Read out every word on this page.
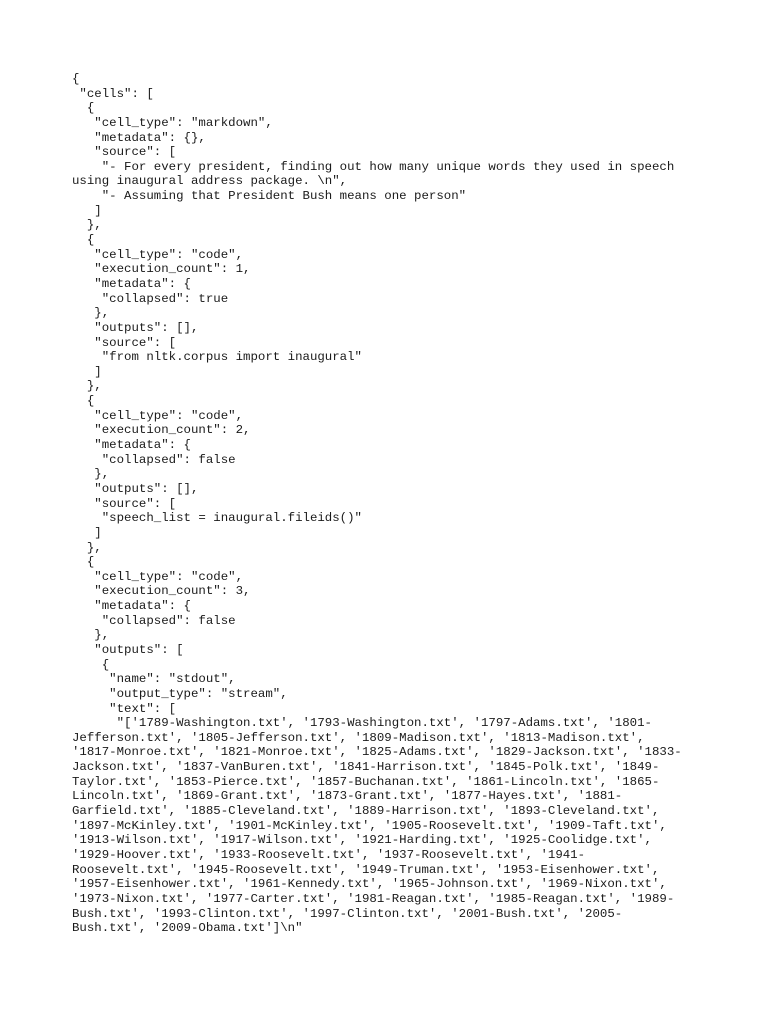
{
"cells": [
{
"cell_type": "markdown",
"metadata": {},
"source": [
"- For every president, finding out how many unique words they used in speech
using inaugural address package. \n",
"- Assuming that President Bush means one person"
]
},
{
"cell_type": "code",
"execution_count": 1,
"metadata": {
"collapsed": true
},
"outputs": [],
"source": [
"from nltk.corpus import inaugural"
]
},
{
"cell_type": "code",
"execution_count": 2,
"metadata": {
"collapsed": false
},
"outputs": [],
"source": [
"speech_list = inaugural.fileids()"
]
},
{
"cell_type": "code",
"execution_count": 3,
"metadata": {
"collapsed": false
},
"outputs": [
{
"name": "stdout",
"output_type": "stream",
"text": [
"['1789-Washington.txt', '1793-Washington.txt', '1797-Adams.txt', '1801-
Jefferson.txt', '1805-Jefferson.txt', '1809-Madison.txt', '1813-Madison.txt',
'1817-Monroe.txt', '1821-Monroe.txt', '1825-Adams.txt', '1829-Jackson.txt', '1833-
Jackson.txt', '1837-VanBuren.txt', '1841-Harrison.txt', '1845-Polk.txt', '1849-
Taylor.txt', '1853-Pierce.txt', '1857-Buchanan.txt', '1861-Lincoln.txt', '1865-
Lincoln.txt', '1869-Grant.txt', '1873-Grant.txt', '1877-Hayes.txt', '1881-
Garfield.txt', '1885-Cleveland.txt', '1889-Harrison.txt', '1893-Cleveland.txt',
'1897-McKinley.txt', '1901-McKinley.txt', '1905-Roosevelt.txt', '1909-Taft.txt',
'1913-Wilson.txt', '1917-Wilson.txt', '1921-Harding.txt', '1925-Coolidge.txt',
'1929-Hoover.txt', '1933-Roosevelt.txt', '1937-Roosevelt.txt', '1941-
Roosevelt.txt', '1945-Roosevelt.txt', '1949-Truman.txt', '1953-Eisenhower.txt',
'1957-Eisenhower.txt', '1961-Kennedy.txt', '1965-Johnson.txt', '1969-Nixon.txt',
'1973-Nixon.txt', '1977-Carter.txt', '1981-Reagan.txt', '1985-Reagan.txt', '1989-
Bush.txt', '1993-Clinton.txt', '1997-Clinton.txt', '2001-Bush.txt', '2005-
Bush.txt', '2009-Obama.txt']\n"
